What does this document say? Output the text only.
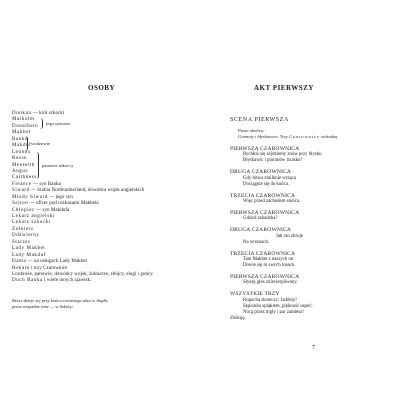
OSOBY
Dunkan — król szkocki
Malkolm
Donalbein
Makbet
Banko
Makduf
Lennox
Rosse
Menteith
Angus
Caithness
Fleance — syn Banka
Siward — hrabia Northumberland, dowódca wojsk angielskich
Młody Siward — jego syn
Sejton — oficer pod rozkazami Makbeta
Chłopiec — syn Makdufa
Lekarz angielski
Lekarz szkocki
Żołnierz
Odźwierny
Starzec
Lady Makbet
Lady Makduf
Dama — na usługach Lady Makbet
Hekate i trzy Czarownice
Lordowie, panowie, dowódcy wojsk, żołnierze, zbójcy, sługi i gońcy.
Duch Banka i wiele innych zjawisk.
jego synowie
wodzowie
panowie szkoccy
Rzecz dzieje się przy końcu czwartego aktu w Anglii,
przez wszystkie inne — w Szkocji.
AKT PIERWSZY
SCENA PIERWSZA
Pusto okolica.
Grzmoty i błyskawice. Trzy Czarownice wchodzą.
PIERWSZA CZAROWNICA
Rychłoż się zejdziemy znów przy błysku
Błyskawic i piorunów trzasku?
DRUGA CZAROWNICA
Gdy bitwa zmilknie wrząca
Dociągnie się do końca.
TRZECIA CZAROWNICA
Więc przed zachodem słońca.
PIERWSZA CZAROWNICA
Gdzież szkadzka?
DRUGA CZAROWNICA
Jak ran zbroje
Na wrzosach.
TRZECIA CZAROWNICA
Tam Makbet z naszych on
Dowie się m swych losach.
PIERWSZA CZAROWNICA
Słyszę głos zniecierpliwony.
WSZYSTKIE TRZY
Ropucha skrzeczy: Jadźmy!
Sępionko spiąkiem, piękność ospeć;
Nocą przez mgły i par zamiesz!
Znikają.
7
